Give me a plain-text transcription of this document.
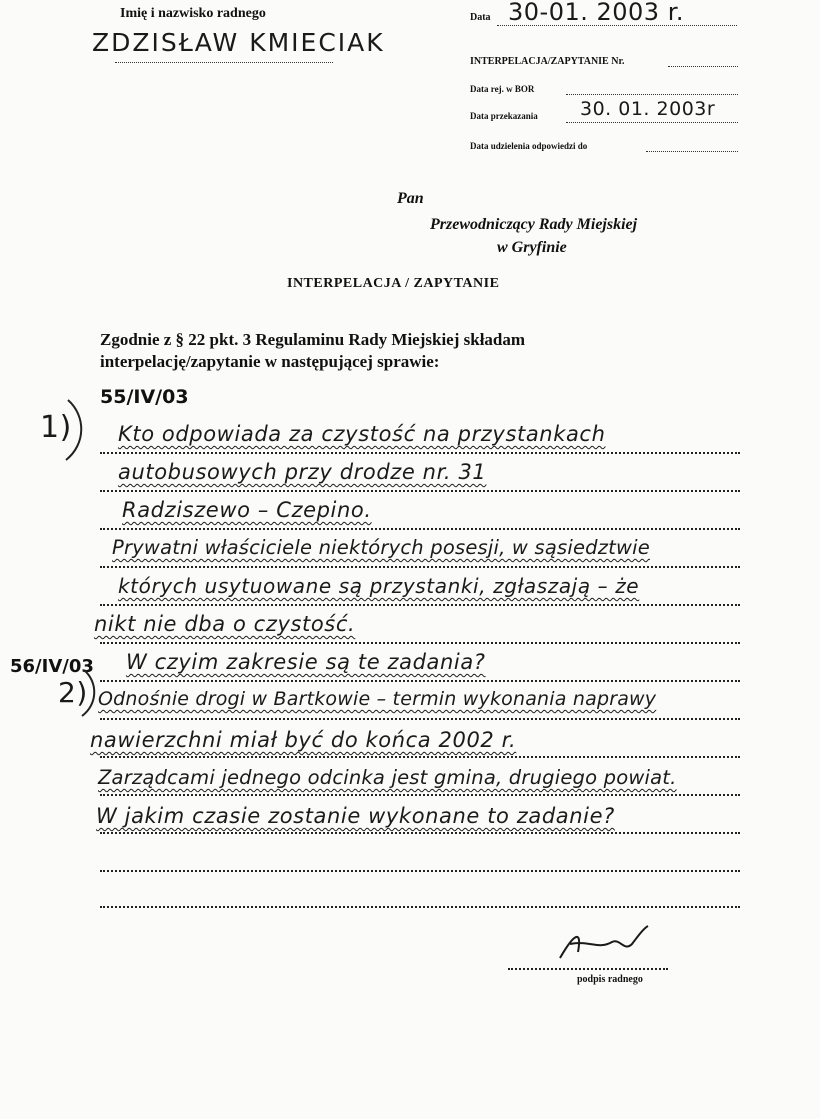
Imię i nazwisko radnego
ZDZISŁAW KMIECIAK
Data 30-01. 2003 r.
INTERPELACJA/ZAPYTANIE Nr.
Data rej. w BOR
Data przekazania 30. 01. 2003r
Data udzielenia odpowiedzi do
Pan
Przewodniczący Rady Miejskiej
w Gryfinie
INTERPELACJA / ZAPYTANIE
Zgodnie z § 22 pkt. 3 Regulaminu Rady Miejskiej składam
interpelację/zapytanie w następującej sprawie:
1)
55/IV/03
Kto odpowiada za czystość na przystankach
autobusowych przy drodze nr. 31
Radziszewo – Czepino.
Prywatni właściciele niektórych posesji, w sąsiedztwie
których usytuowane są przystanki, zgłaszają – że
nikt nie dba o czystość.
W czyim zakresie są te zadania?
56/IV/03
2) Odnośnie drogi w Bartkowie – termin wykonania naprawy
nawierzchni miał być do końca 2002 r.
Zarządcami jednego odcinka jest gmina, drugiego powiat.
W jakim czasie zostanie wykonane to zadanie?
podpis radnego
